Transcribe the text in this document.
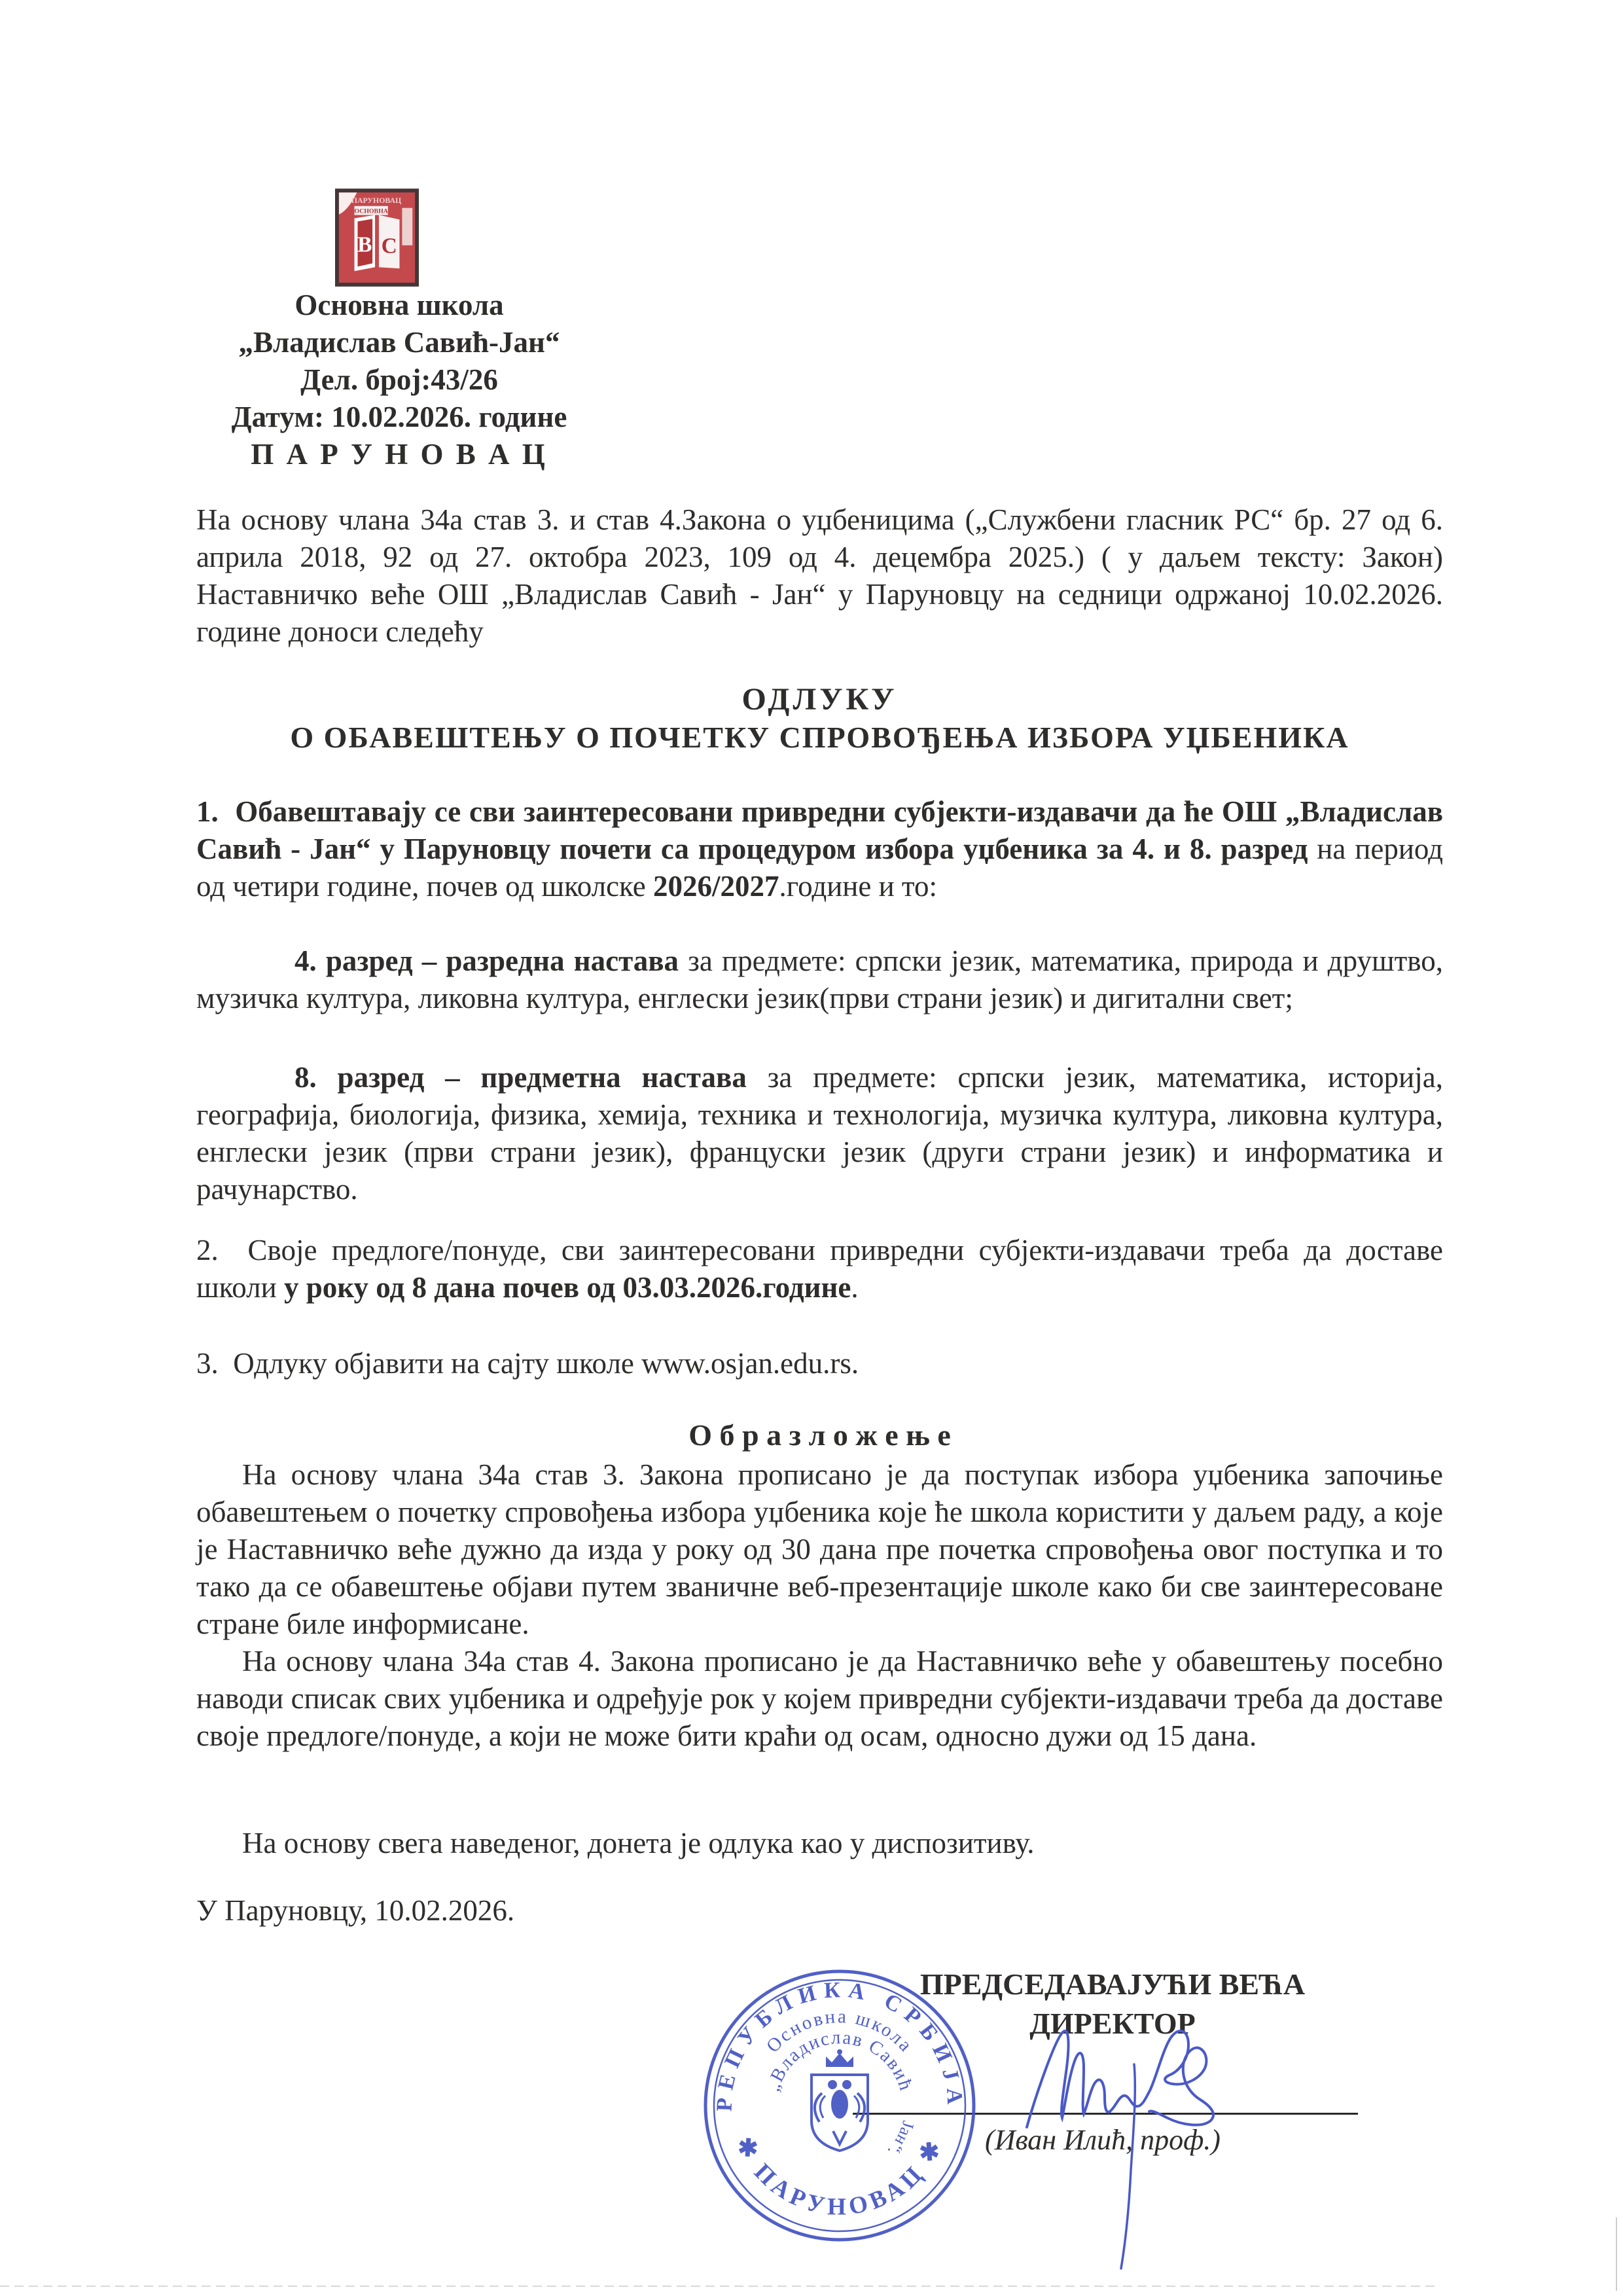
ПАРУНОВАЦ
ОСНОВНА
В С
Основна школа
„Владислав Савић-Јан“
Дел. број:43/26
Датум: 10.02.2026. године
П А Р У Н О В А Ц
На основу члана 34а став 3. и став 4.Закона о уџбеницима („Службени гласник РС“ бр. 27 од 6. априла 2018, 92 од 27. октобра 2023, 109 од 4. децембра 2025.) ( у даљем тексту: Закон) Наставничко веће ОШ „Владислав Савић - Јан“ у Паруновцу на седници одржаној 10.02.2026. године доноси следећу
ОДЛУКУ
О ОБАВЕШТЕЊУ О ПОЧЕТКУ СПРОВОЂЕЊА ИЗБОРА УЏБЕНИКА
1.  Обавештавају се сви заинтересовани привредни субјекти-издавачи да ће ОШ „Владислав Савић - Јан“ у Паруновцу почети са процедуром избора уџбеника за 4. и 8. разред на период од четири године, почев од школске 2026/2027.године и то:
4. разред – разредна настава за предмете: српски језик, математика, природа и друштво, музичка култура, ликовна култура, енглески језик(први страни језик) и дигитални свет;
8. разред – предметна настава за предмете: српски језик, математика, историја, географија, биологија, физика, хемија, техника и технологија, музичка култура, ликовна култура, енглески језик (први страни језик), француски језик (други страни језик) и информатика и рачунарство.
2.  Своје предлоге/понуде, сви заинтересовани привредни субјекти-издавачи треба да доставе школи у року од 8 дана почев од 03.03.2026.године.
3.  Одлуку објавити на сајту школе www.osjan.edu.rs.
О б р а з л о ж е њ е
На основу члана 34а став 3. Закона прописано је да поступак избора уџбеника започиње обавештењем о почетку спровођења избора уџбеника које ће школа користити у даљем раду, а које је Наставничко веће дужно да изда у року од 30 дана пре почетка спровођења овог поступка и то тако да се обавештење објави путем званичне веб-презентације школе како би све заинтересоване стране биле информисане.
На основу члана 34а став 4. Закона прописано је да Наставничко веће у обавештењу посебно наводи списак свих уџбеника и одређује рок у којем привредни субјекти-издавачи треба да доставе своје предлоге/понуде, а који не може бити краћи од осам, односно дужи од 15 дана.
На основу свега наведеног, донета је одлука као у диспозитиву.
У Паруновцу, 10.02.2026.
ПРЕДСЕДАВАЈУЋИ ВЕЋА
ДИРЕКТОР
(Иван Илић, проф.)
РЕПУБЛИКА СРБИЈА
✱ ПАРУНОВАЦ ✱
Основна школа
„Владислав Савић
Јан“.
